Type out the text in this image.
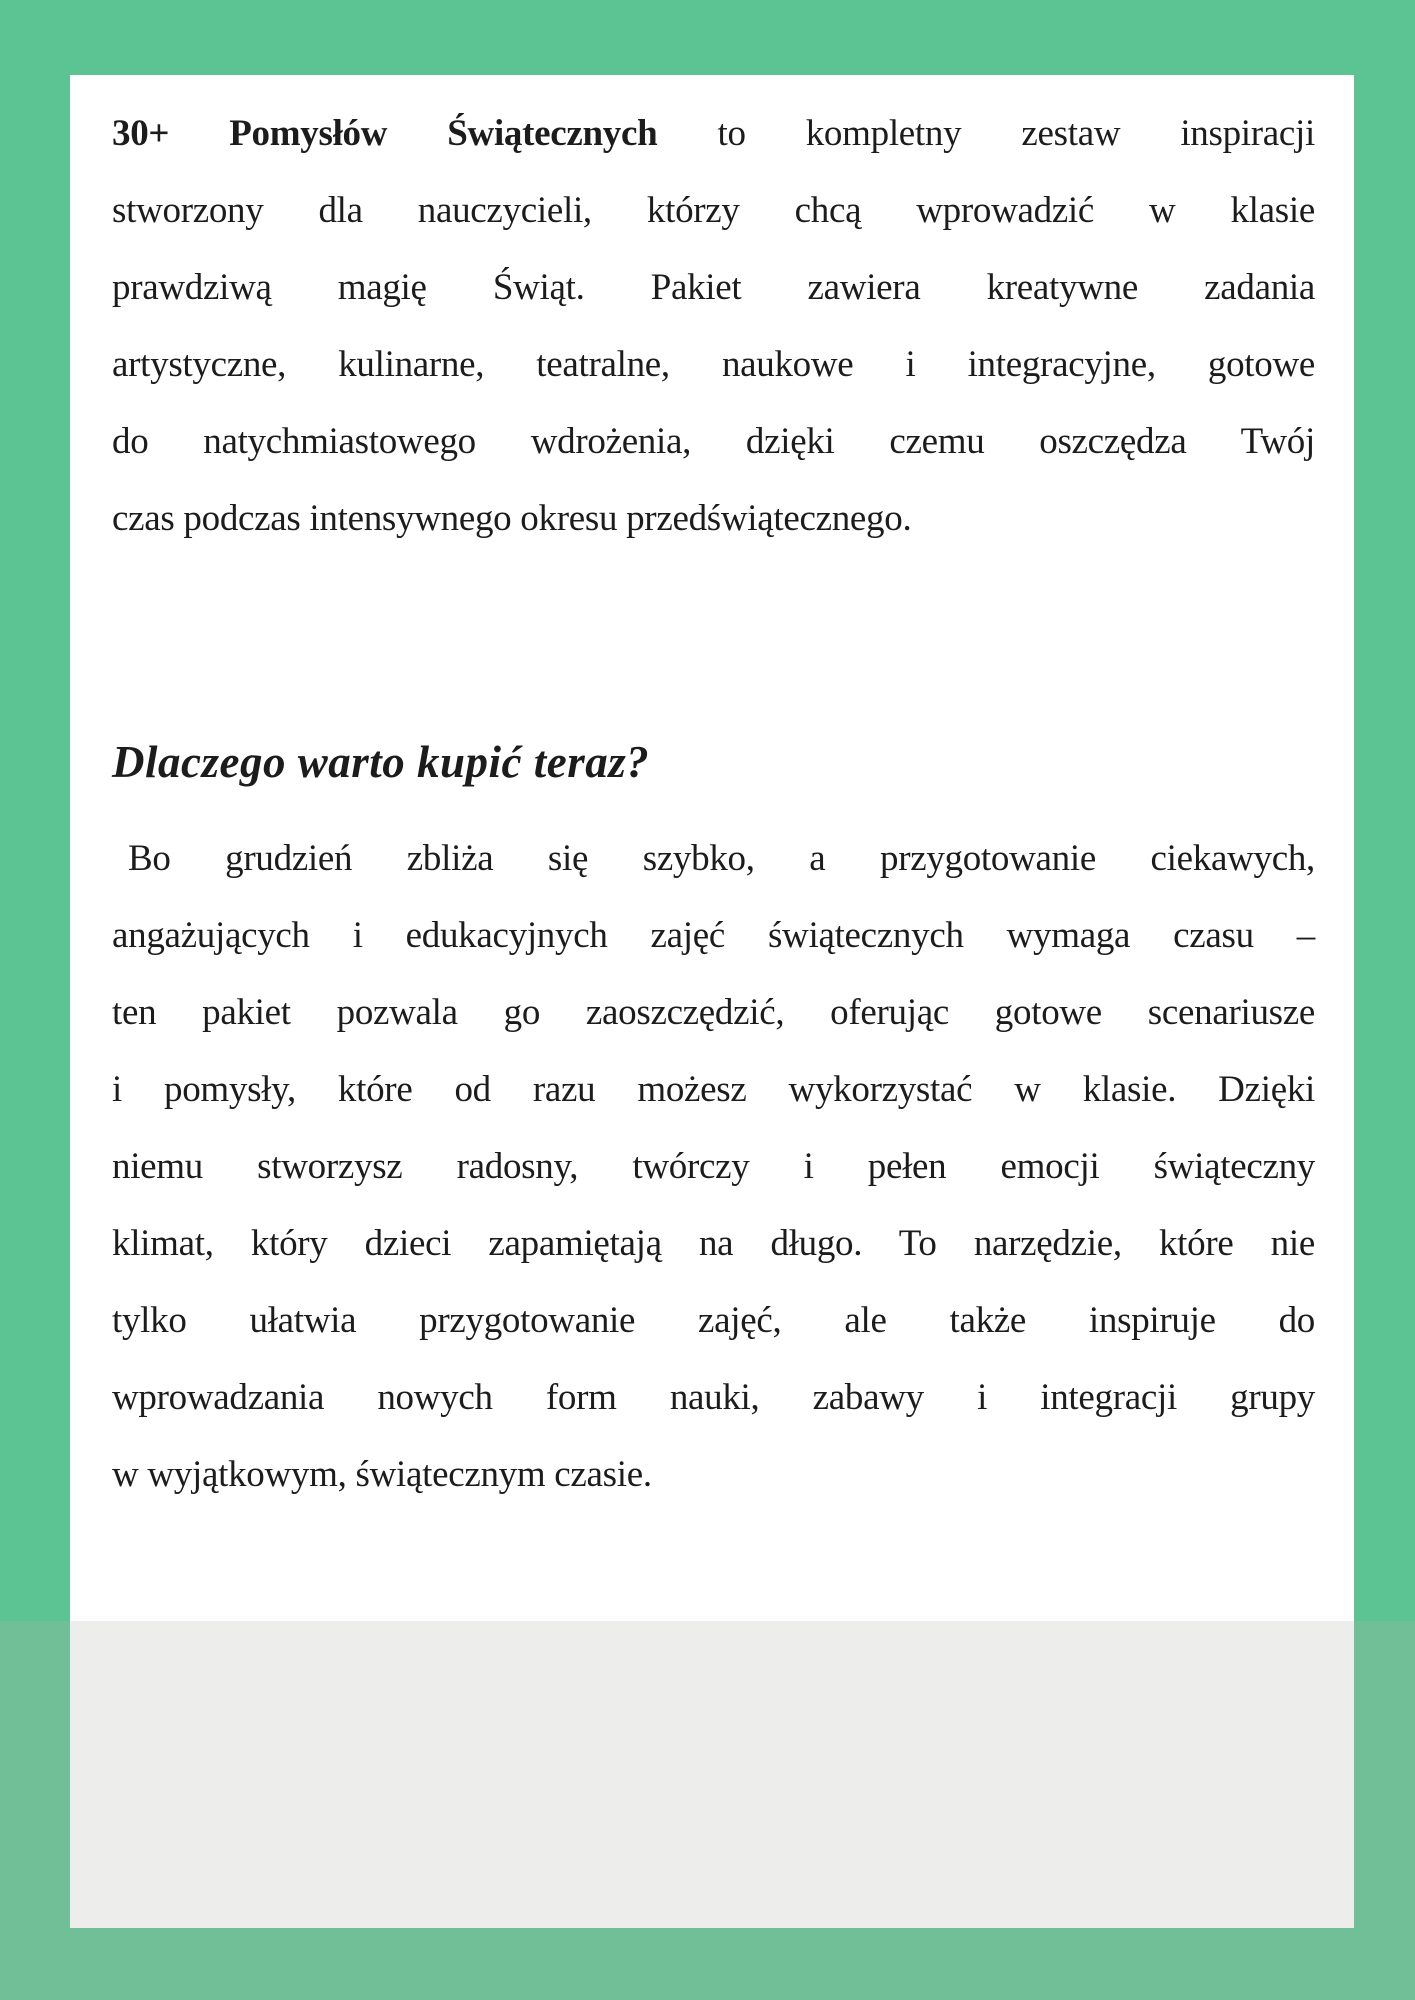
30+ Pomysłów Świątecznych to kompletny zestaw inspiracji
stworzony dla nauczycieli, którzy chcą wprowadzić w klasie
prawdziwą magię Świąt. Pakiet zawiera kreatywne zadania
artystyczne, kulinarne, teatralne, naukowe i integracyjne, gotowe
do natychmiastowego wdrożenia, dzięki czemu oszczędza Twój
czas podczas intensywnego okresu przedświątecznego.
Dlaczego warto kupić teraz?
Bo grudzień zbliża się szybko, a przygotowanie ciekawych,
angażujących i edukacyjnych zajęć świątecznych wymaga czasu –
ten pakiet pozwala go zaoszczędzić, oferując gotowe scenariusze
i pomysły, które od razu możesz wykorzystać w klasie. Dzięki
niemu stworzysz radosny, twórczy i pełen emocji świąteczny
klimat, który dzieci zapamiętają na długo. To narzędzie, które nie
tylko ułatwia przygotowanie zajęć, ale także inspiruje do
wprowadzania nowych form nauki, zabawy i integracji grupy
w wyjątkowym, świątecznym czasie.
